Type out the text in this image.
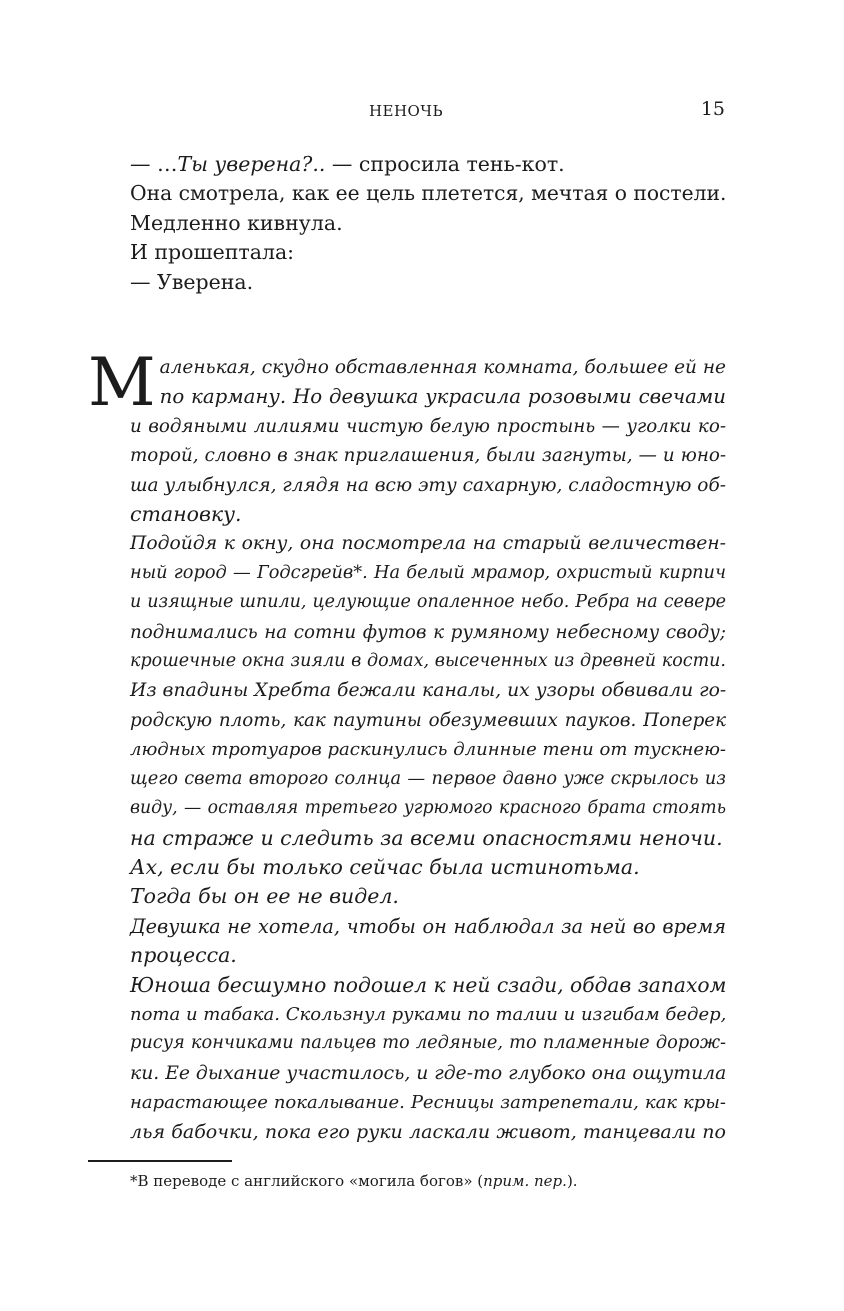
НЕНОЧЬ	15

— …Ты уверена?.. — спросила тень-кот.

Она смотрела, как ее цель плетется, мечтая о постели.

Медленно кивнула.

И прошептала:

— Уверена.

М аленькая, скудно обставленная комната, большее ей не
по карману. Но девушка украсила розовыми свечами
и водяными лилиями чистую белую простынь — уголки ко-
торой, словно в знак приглашения, были загнуты, — и юно-
ша улыбнулся, глядя на всю эту сахарную, сладостную об-
становку.
Подойдя к окну, она посмотрела на старый величествен-
ный город — Годсгрейв*. На белый мрамор, охристый кирпич
и изящные шпили, целующие опаленное небо. Ребра на севере
поднимались на сотни футов к румяному небесному своду;
крошечные окна зияли в домах, высеченных из древней кости.
Из впадины Хребта бежали каналы, их узоры обвивали го-
родскую плоть, как паутины обезумевших пауков. Поперек
людных тротуаров раскинулись длинные тени от тускнею-
щего света второго солнца — первое давно уже скрылось из
виду, — оставляя третьего угрюмого красного брата стоять
на страже и следить за всеми опасностями неночи.
Ах, если бы только сейчас была истинотьма.
Тогда бы он ее не видел.
Девушка не хотела, чтобы он наблюдал за ней во время
процесса.
Юноша бесшумно подошел к ней сзади, обдав запахом
пота и табака. Скользнул руками по талии и изгибам бедер,
рисуя кончиками пальцев то ледяные, то пламенные дорож-
ки. Ее дыхание участилось, и где-то глубоко она ощутила
нарастающее покалывание. Ресницы затрепетали, как кры-
лья бабочки, пока его руки ласкали живот, танцевали по
*В переводе с английского «могила богов» (прим. пер.).
